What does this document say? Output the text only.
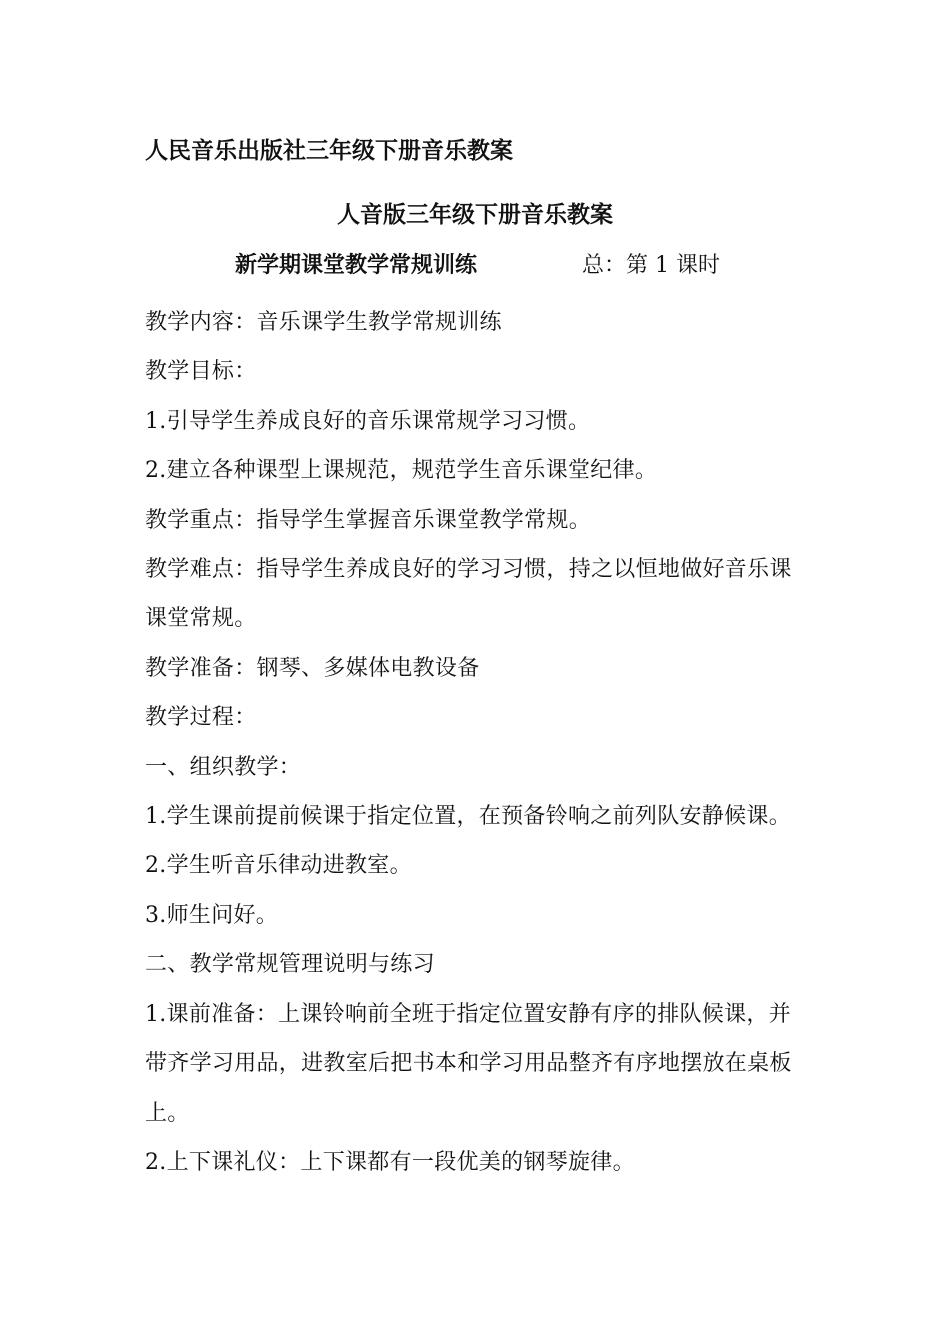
人民音乐出版社三年级下册音乐教案
人音版三年级下册音乐教案
新学期课堂教学常规训练	总：第 1 课时

教学内容：音乐课学生教学常规训练

教学目标：

1.引导学生养成良好的音乐课常规学习习惯。

2.建立各种课型上课规范，规范学生音乐课堂纪律。

教学重点：指导学生掌握音乐课堂教学常规。

教学难点：指导学生养成良好的学习习惯，持之以恒地做好音乐课课堂常规。

教学准备：钢琴、多媒体电教设备

教学过程：

一、组织教学：

1.学生课前提前候课于指定位置，在预备铃响之前列队安静候课。

2.学生听音乐律动进教室。

3.师生问好。

二、教学常规管理说明与练习

1.课前准备：上课铃响前全班于指定位置安静有序的排队候课，并带齐学习用品，进教室后把书本和学习用品整齐有序地摆放在桌板上。

2.上下课礼仪：上下课都有一段优美的钢琴旋律。
